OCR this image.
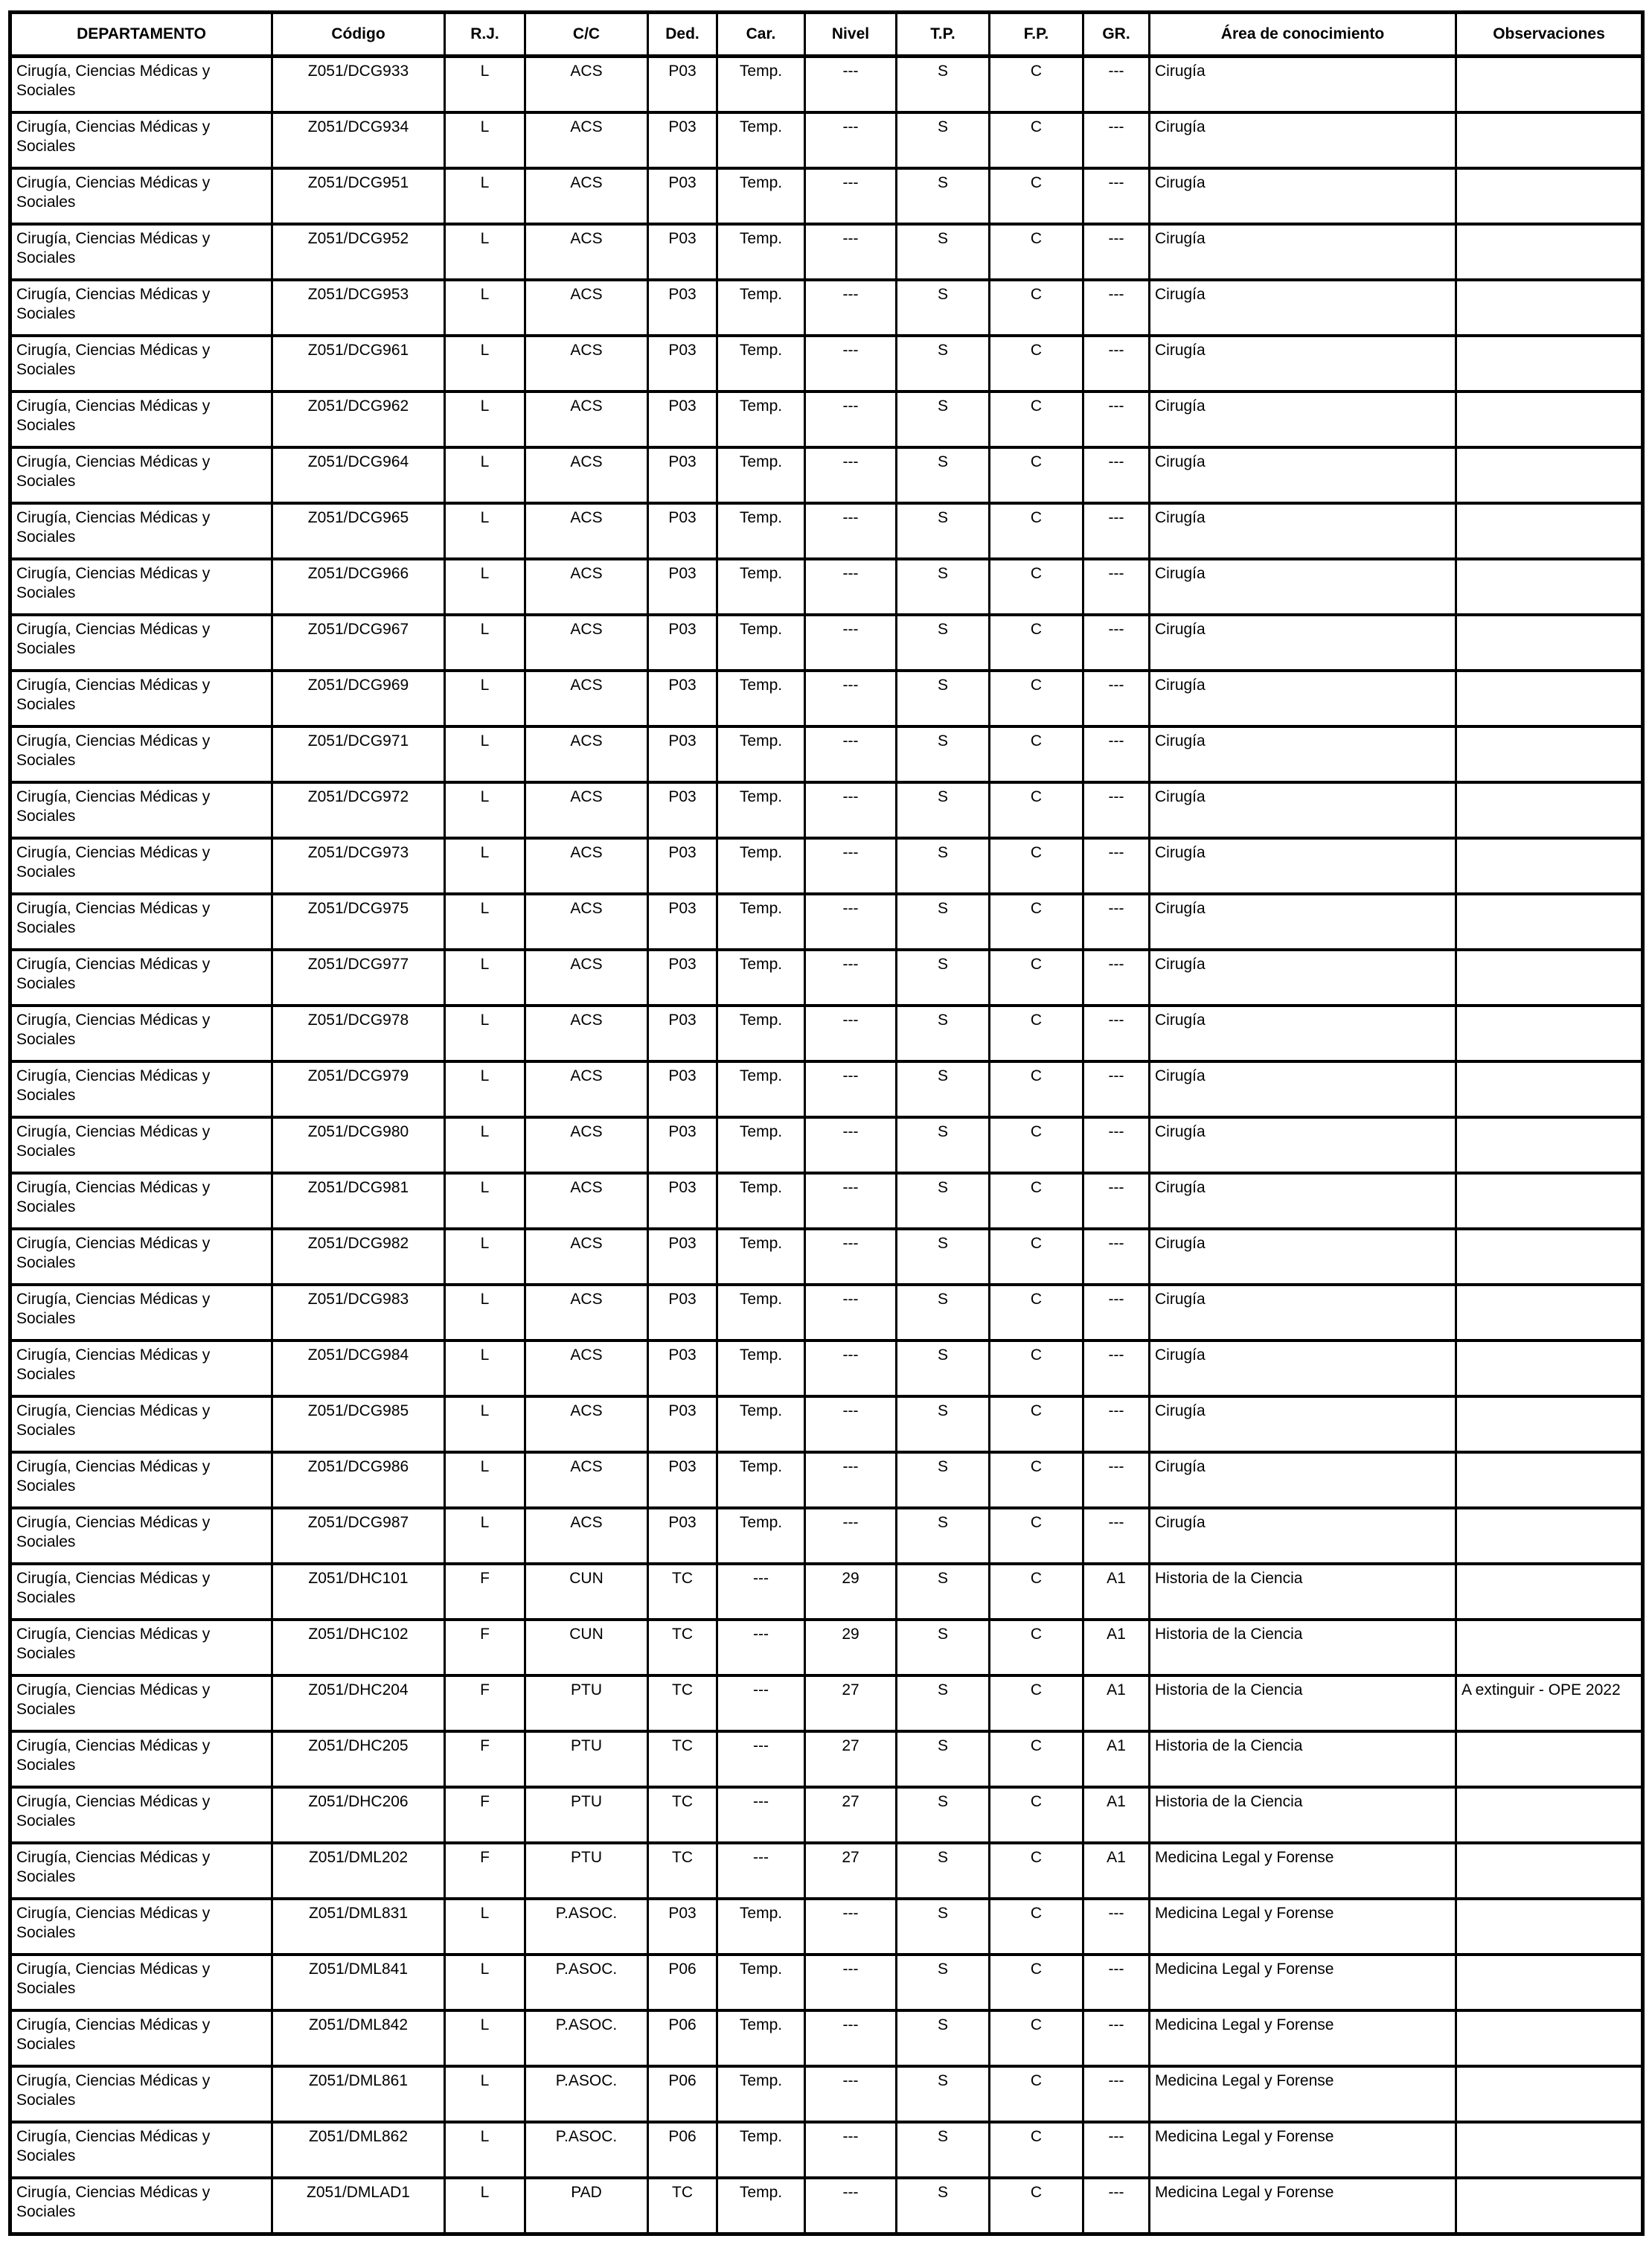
DEPARTAMENTO	Código	R.J.	C/C	Ded.	Car.	Nivel	T.P.	F.P.	GR.	Área de conocimiento	Observaciones
Cirugía, Ciencias Médicas y Sociales	Z051/DCG933	L	ACS	P03	Temp.	---	S	C	---	Cirugía	
Cirugía, Ciencias Médicas y Sociales	Z051/DCG934	L	ACS	P03	Temp.	---	S	C	---	Cirugía	
Cirugía, Ciencias Médicas y Sociales	Z051/DCG951	L	ACS	P03	Temp.	---	S	C	---	Cirugía	
Cirugía, Ciencias Médicas y Sociales	Z051/DCG952	L	ACS	P03	Temp.	---	S	C	---	Cirugía	
Cirugía, Ciencias Médicas y Sociales	Z051/DCG953	L	ACS	P03	Temp.	---	S	C	---	Cirugía	
Cirugía, Ciencias Médicas y Sociales	Z051/DCG961	L	ACS	P03	Temp.	---	S	C	---	Cirugía	
Cirugía, Ciencias Médicas y Sociales	Z051/DCG962	L	ACS	P03	Temp.	---	S	C	---	Cirugía	
Cirugía, Ciencias Médicas y Sociales	Z051/DCG964	L	ACS	P03	Temp.	---	S	C	---	Cirugía	
Cirugía, Ciencias Médicas y Sociales	Z051/DCG965	L	ACS	P03	Temp.	---	S	C	---	Cirugía	
Cirugía, Ciencias Médicas y Sociales	Z051/DCG966	L	ACS	P03	Temp.	---	S	C	---	Cirugía	
Cirugía, Ciencias Médicas y Sociales	Z051/DCG967	L	ACS	P03	Temp.	---	S	C	---	Cirugía	
Cirugía, Ciencias Médicas y Sociales	Z051/DCG969	L	ACS	P03	Temp.	---	S	C	---	Cirugía	
Cirugía, Ciencias Médicas y Sociales	Z051/DCG971	L	ACS	P03	Temp.	---	S	C	---	Cirugía	
Cirugía, Ciencias Médicas y Sociales	Z051/DCG972	L	ACS	P03	Temp.	---	S	C	---	Cirugía	
Cirugía, Ciencias Médicas y Sociales	Z051/DCG973	L	ACS	P03	Temp.	---	S	C	---	Cirugía	
Cirugía, Ciencias Médicas y Sociales	Z051/DCG975	L	ACS	P03	Temp.	---	S	C	---	Cirugía	
Cirugía, Ciencias Médicas y Sociales	Z051/DCG977	L	ACS	P03	Temp.	---	S	C	---	Cirugía	
Cirugía, Ciencias Médicas y Sociales	Z051/DCG978	L	ACS	P03	Temp.	---	S	C	---	Cirugía	
Cirugía, Ciencias Médicas y Sociales	Z051/DCG979	L	ACS	P03	Temp.	---	S	C	---	Cirugía	
Cirugía, Ciencias Médicas y Sociales	Z051/DCG980	L	ACS	P03	Temp.	---	S	C	---	Cirugía	
Cirugía, Ciencias Médicas y Sociales	Z051/DCG981	L	ACS	P03	Temp.	---	S	C	---	Cirugía	
Cirugía, Ciencias Médicas y Sociales	Z051/DCG982	L	ACS	P03	Temp.	---	S	C	---	Cirugía	
Cirugía, Ciencias Médicas y Sociales	Z051/DCG983	L	ACS	P03	Temp.	---	S	C	---	Cirugía	
Cirugía, Ciencias Médicas y Sociales	Z051/DCG984	L	ACS	P03	Temp.	---	S	C	---	Cirugía	
Cirugía, Ciencias Médicas y Sociales	Z051/DCG985	L	ACS	P03	Temp.	---	S	C	---	Cirugía	
Cirugía, Ciencias Médicas y Sociales	Z051/DCG986	L	ACS	P03	Temp.	---	S	C	---	Cirugía	
Cirugía, Ciencias Médicas y Sociales	Z051/DCG987	L	ACS	P03	Temp.	---	S	C	---	Cirugía	
Cirugía, Ciencias Médicas y Sociales	Z051/DHC101	F	CUN	TC	---	29	S	C	A1	Historia de la Ciencia	
Cirugía, Ciencias Médicas y Sociales	Z051/DHC102	F	CUN	TC	---	29	S	C	A1	Historia de la Ciencia	
Cirugía, Ciencias Médicas y Sociales	Z051/DHC204	F	PTU	TC	---	27	S	C	A1	Historia de la Ciencia	A extinguir - OPE 2022
Cirugía, Ciencias Médicas y Sociales	Z051/DHC205	F	PTU	TC	---	27	S	C	A1	Historia de la Ciencia	
Cirugía, Ciencias Médicas y Sociales	Z051/DHC206	F	PTU	TC	---	27	S	C	A1	Historia de la Ciencia	
Cirugía, Ciencias Médicas y Sociales	Z051/DML202	F	PTU	TC	---	27	S	C	A1	Medicina Legal y Forense	
Cirugía, Ciencias Médicas y Sociales	Z051/DML831	L	P.ASOC.	P03	Temp.	---	S	C	---	Medicina Legal y Forense	
Cirugía, Ciencias Médicas y Sociales	Z051/DML841	L	P.ASOC.	P06	Temp.	---	S	C	---	Medicina Legal y Forense	
Cirugía, Ciencias Médicas y Sociales	Z051/DML842	L	P.ASOC.	P06	Temp.	---	S	C	---	Medicina Legal y Forense	
Cirugía, Ciencias Médicas y Sociales	Z051/DML861	L	P.ASOC.	P06	Temp.	---	S	C	---	Medicina Legal y Forense	
Cirugía, Ciencias Médicas y Sociales	Z051/DML862	L	P.ASOC.	P06	Temp.	---	S	C	---	Medicina Legal y Forense	
Cirugía, Ciencias Médicas y Sociales	Z051/DMLAD1	L	PAD	TC	Temp.	---	S	C	---	Medicina Legal y Forense	
